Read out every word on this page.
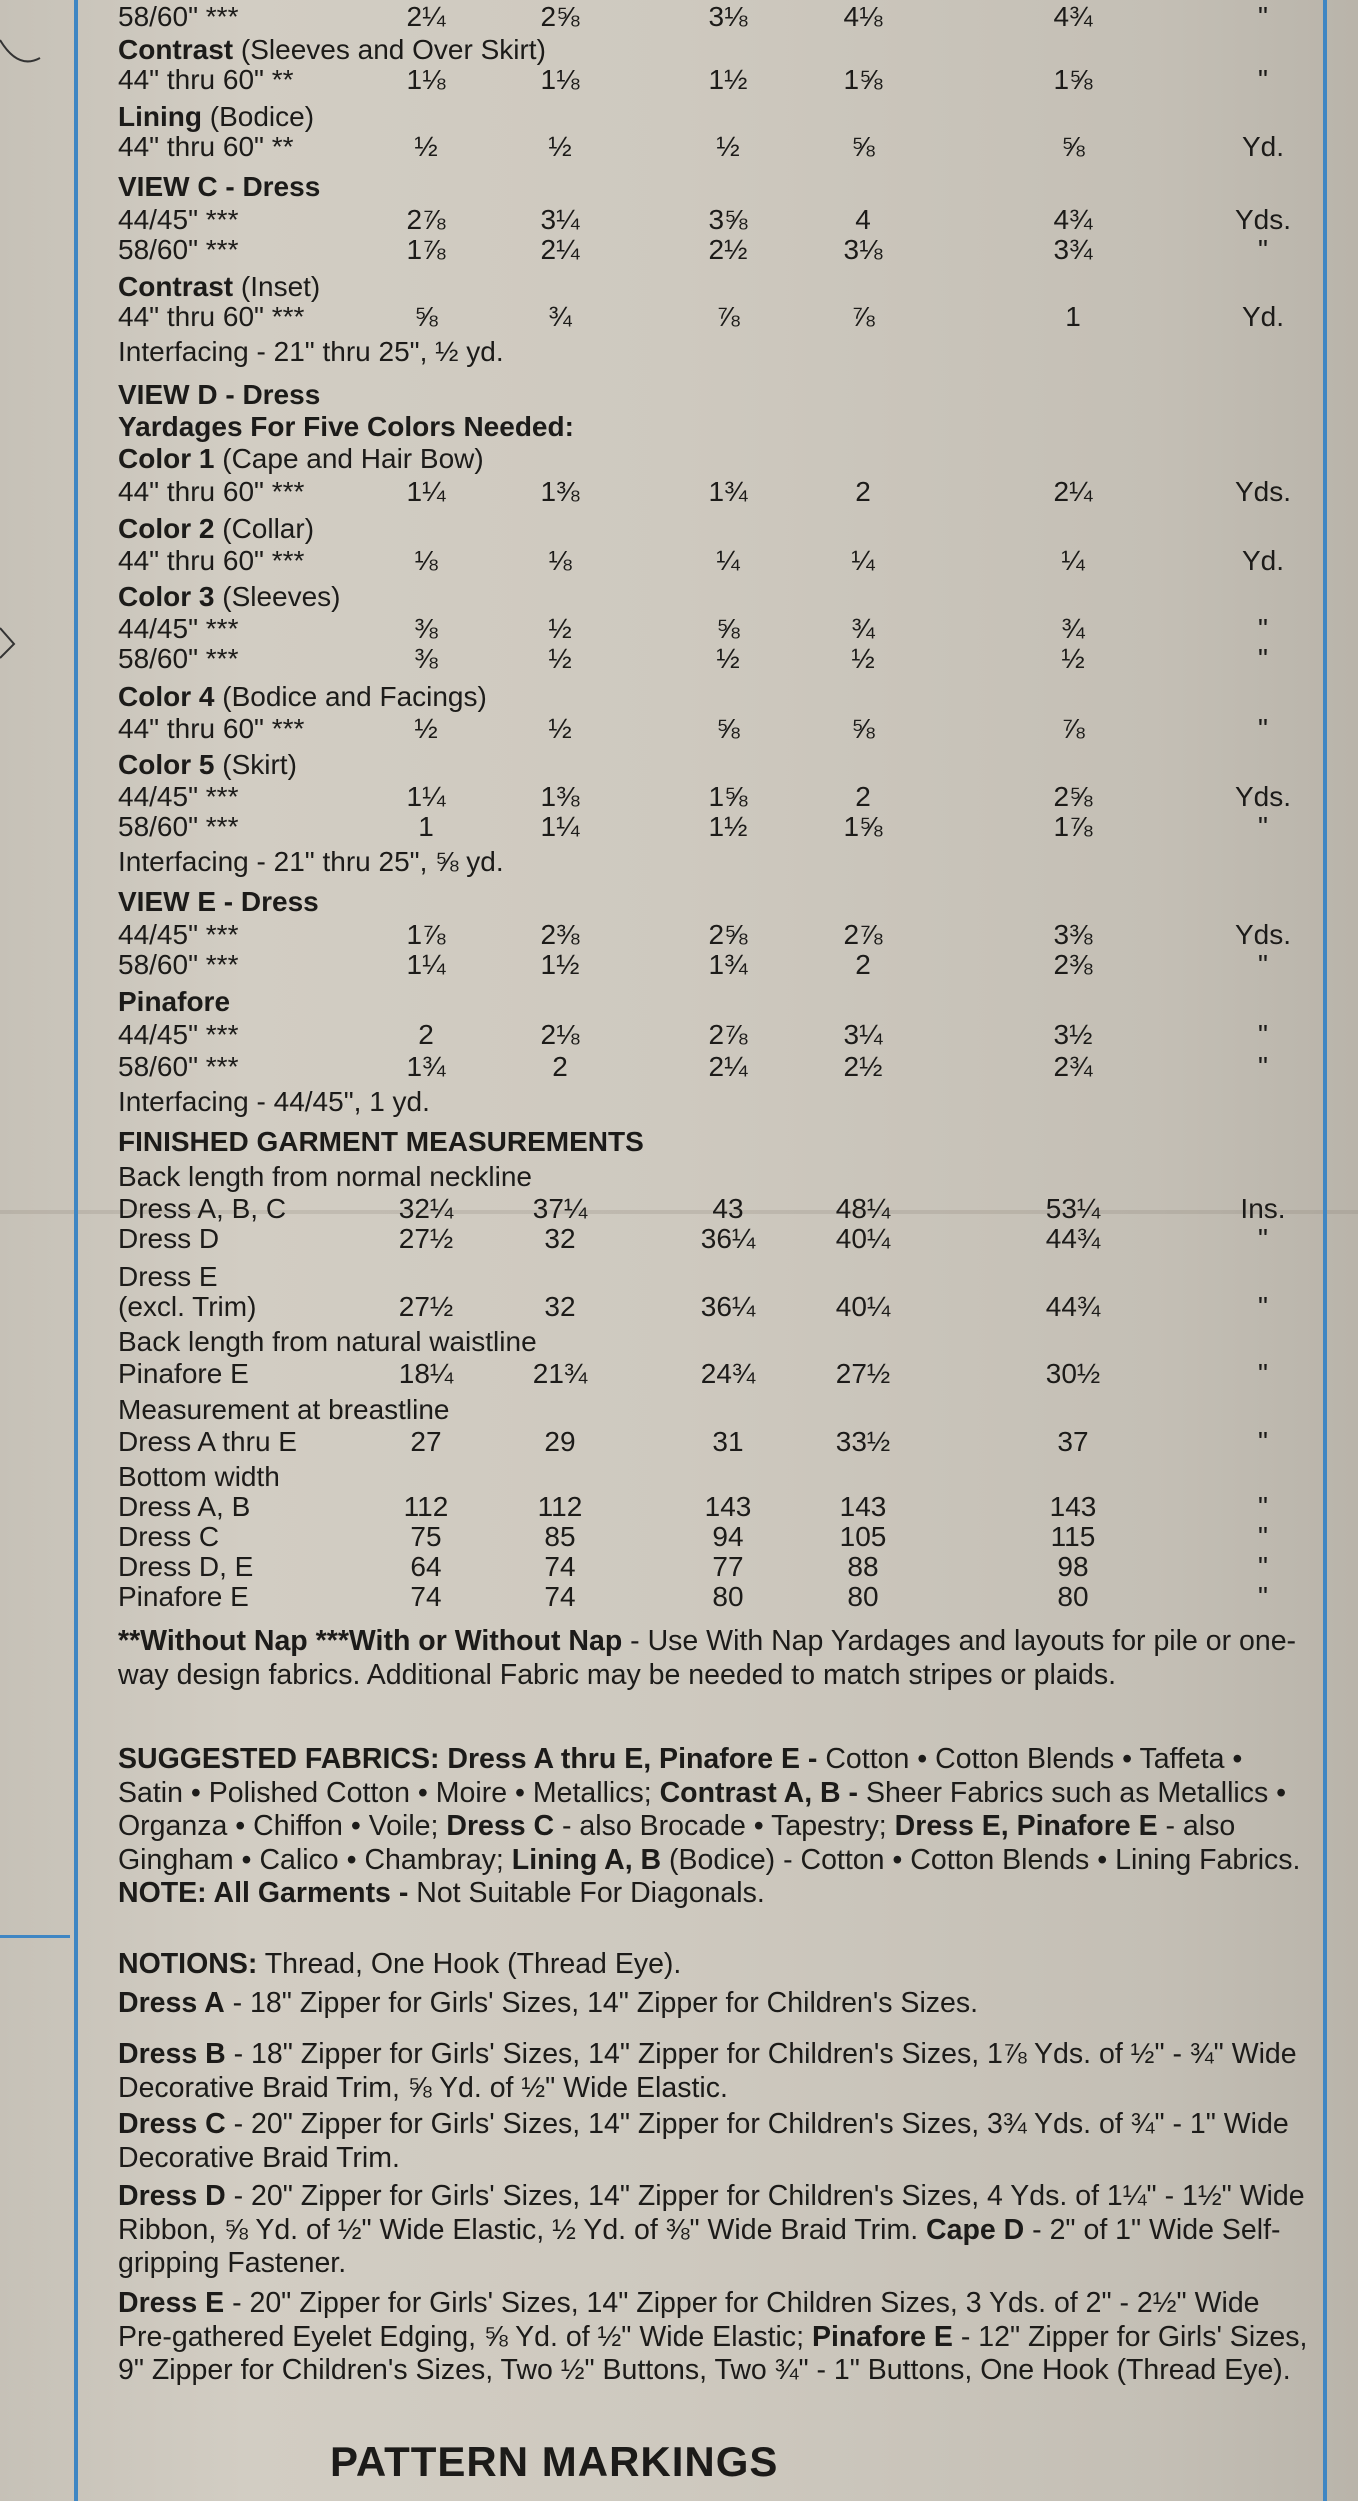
58/60" ***	2¼	2⅝	3⅛	4⅛	4¾	"
Contrast (Sleeves and Over Skirt)
44" thru 60" **	1⅛	1⅛	1½	1⅝	1⅝	"
Lining (Bodice)
44" thru 60" **	½	½	½	⅝	⅝	Yd.
VIEW C - Dress
44/45" ***	2⅞	3¼	3⅝	4	4¾	Yds.
58/60" ***	1⅞	2¼	2½	3⅛	3¾	"
Contrast (Inset)
44" thru 60" ***	⅝	¾	⅞	⅞	1	Yd.
Interfacing - 21" thru 25", ½ yd.
VIEW D - Dress
Yardages For Five Colors Needed:
Color 1 (Cape and Hair Bow)
44" thru 60" ***	1¼	1⅜	1¾	2	2¼	Yds.
Color 2 (Collar)
44" thru 60" ***	⅛	⅛	¼	¼	¼	Yd.
Color 3 (Sleeves)
44/45" ***	⅜	½	⅝	¾	¾	"
58/60" ***	⅜	½	½	½	½	"
Color 4 (Bodice and Facings)
44" thru 60" ***	½	½	⅝	⅝	⅞	"
Color 5 (Skirt)
44/45" ***	1¼	1⅜	1⅝	2	2⅝	Yds.
58/60" ***	1	1¼	1½	1⅝	1⅞	"
Interfacing - 21" thru 25", ⅝ yd.
VIEW E - Dress
44/45" ***	1⅞	2⅜	2⅝	2⅞	3⅜	Yds.
58/60" ***	1¼	1½	1¾	2	2⅜	"
Pinafore
44/45" ***	2	2⅛	2⅞	3¼	3½	"
58/60" ***	1¾	2	2¼	2½	2¾	"
Interfacing - 44/45", 1 yd.
FINISHED GARMENT MEASUREMENTS
Back length from normal neckline
Dress A, B, C	32¼	37¼	43	48¼	53¼	Ins.
Dress D	27½	32	36¼	40¼	44¾	"
Dress E
(excl. Trim)	27½	32	36¼	40¼	44¾	"
Back length from natural waistline
Pinafore E	18¼	21¾	24¾	27½	30½	"
Measurement at breastline
Dress A thru E	27	29	31	33½	37	"
Bottom width
Dress A, B	112	112	143	143	143	"
Dress C	75	85	94	105	115	"
Dress D, E	64	74	77	88	98	"
Pinafore E	74	74	80	80	80	"
**Without Nap ***With or Without Nap - Use With Nap Yardages and layouts for pile or one-way design fabrics. Additional Fabric may be needed to match stripes or plaids.
SUGGESTED FABRICS: Dress A thru E, Pinafore E - Cotton • Cotton Blends • Taffeta • Satin • Polished Cotton • Moire • Metallics; Contrast A, B - Sheer Fabrics such as Metallics • Organza • Chiffon • Voile; Dress C - also Brocade • Tapestry; Dress E, Pinafore E - also Gingham • Calico • Chambray; Lining A, B (Bodice) - Cotton • Cotton Blends • Lining Fabrics. NOTE: All Garments - Not Suitable For Diagonals.
NOTIONS: Thread, One Hook (Thread Eye).
Dress A - 18" Zipper for Girls' Sizes, 14" Zipper for Children's Sizes.
Dress B - 18" Zipper for Girls' Sizes, 14" Zipper for Children's Sizes, 1⅞ Yds. of ½" - ¾" Wide Decorative Braid Trim, ⅝ Yd. of ½" Wide Elastic.
Dress C - 20" Zipper for Girls' Sizes, 14" Zipper for Children's Sizes, 3¾ Yds. of ¾" - 1" Wide Decorative Braid Trim.
Dress D - 20" Zipper for Girls' Sizes, 14" Zipper for Children's Sizes, 4 Yds. of 1¼" - 1½" Wide Ribbon, ⅝ Yd. of ½" Wide Elastic, ½ Yd. of ⅜" Wide Braid Trim. Cape D - 2" of 1" Wide Self-gripping Fastener.
Dress E - 20" Zipper for Girls' Sizes, 14" Zipper for Children Sizes, 3 Yds. of 2" - 2½" Wide Pre-gathered Eyelet Edging, ⅝ Yd. of ½" Wide Elastic; Pinafore E - 12" Zipper for Girls' Sizes, 9" Zipper for Children's Sizes, Two ½" Buttons, Two ¾" - 1" Buttons, One Hook (Thread Eye).
PATTERN MARKINGS
